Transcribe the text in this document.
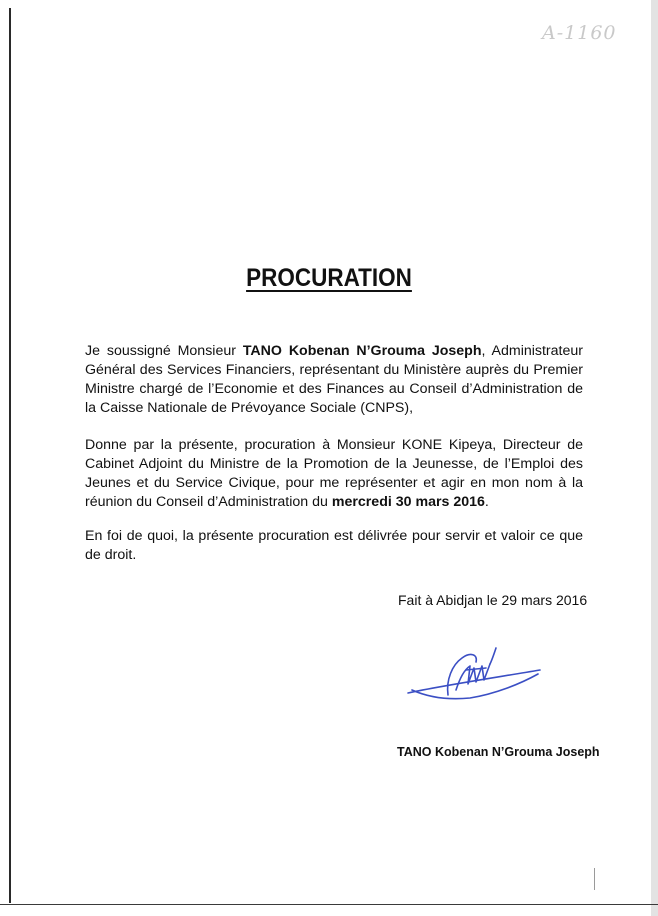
A-1160
PROCURATION

Je soussigné Monsieur TANO Kobenan N’Grouma Joseph, Administrateur Général des Services Financiers, représentant du Ministère auprès du Premier Ministre chargé de l’Economie et des Finances au Conseil d’Administration de la Caisse Nationale de Prévoyance Sociale (CNPS),

Donne par la présente, procuration à Monsieur KONE Kipeya, Directeur de Cabinet Adjoint du Ministre de la Promotion de la Jeunesse, de l’Emploi des Jeunes et du Service Civique, pour me représenter et agir en mon nom à la réunion du Conseil d’Administration du mercredi 30 mars 2016.

En foi de quoi, la présente procuration est délivrée pour servir et valoir ce que de droit.

Fait à Abidjan le 29 mars 2016
TANO Kobenan N’Grouma Joseph
